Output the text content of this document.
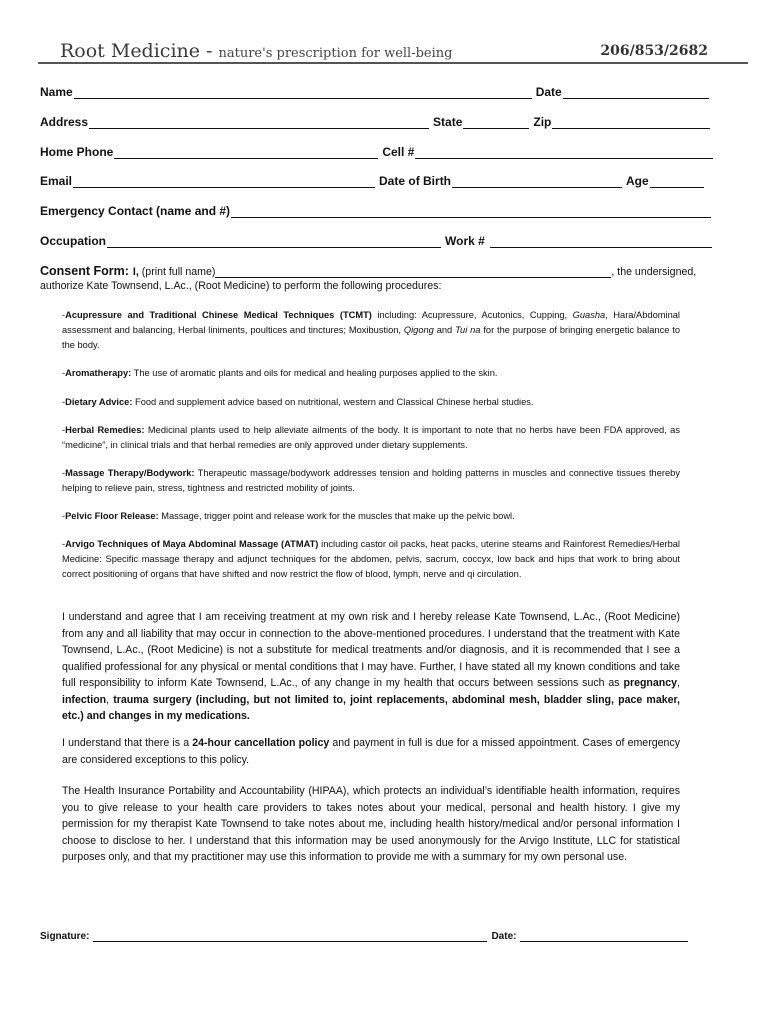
Root Medicine - nature's prescription for well-being	206/853/2682
Name	Date
Address	State	Zip
Home Phone	Cell #
Email	Date of Birth	Age
Emergency Contact (name and #)
Occupation	Work #
Consent Form: I, (print full name)	, the undersigned,
authorize Kate Townsend, L.Ac., (Root Medicine) to perform the following procedures:
-Acupressure and Traditional Chinese Medical Techniques (TCMT) including: Acupressure, Acutonics, Cupping, Guasha, Hara/Abdominal assessment and balancing, Herbal liniments, poultices and tinctures; Moxibustion, Qigong and Tui na for the purpose of bringing energetic balance to the body.
-Aromatherapy: The use of aromatic plants and oils for medical and healing purposes applied to the skin.
-Dietary Advice: Food and supplement advice based on nutritional, western and Classical Chinese herbal studies.
-Herbal Remedies: Medicinal plants used to help alleviate ailments of the body. It is important to note that no herbs have been FDA approved, as “medicine”, in clinical trials and that herbal remedies are only approved under dietary supplements.
-Massage Therapy/Bodywork: Therapeutic massage/bodywork addresses tension and holding patterns in muscles and connective tissues thereby helping to relieve pain, stress, tightness and restricted mobility of joints.
-Pelvic Floor Release: Massage, trigger point and release work for the muscles that make up the pelvic bowl.
-Arvigo Techniques of Maya Abdominal Massage (ATMAT) including castor oil packs, heat packs, uterine steams and Rainforest Remedies/Herbal Medicine: Specific massage therapy and adjunct techniques for the abdomen, pelvis, sacrum, coccyx, low back and hips that work to bring about correct positioning of organs that have shifted and now restrict the flow of blood, lymph, nerve and qi circulation.
I understand and agree that I am receiving treatment at my own risk and I hereby release Kate Townsend, L.Ac., (Root Medicine) from any and all liability that may occur in connection to the above-mentioned procedures. I understand that the treatment with Kate Townsend, L.Ac., (Root Medicine) is not a substitute for medical treatments and/or diagnosis, and it is recommended that I see a qualified professional for any physical or mental conditions that I may have. Further, I have stated all my known conditions and take full responsibility to inform Kate Townsend, L.Ac., of any change in my health that occurs between sessions such as pregnancy, infection, trauma surgery (including, but not limited to, joint replacements, abdominal mesh, bladder sling, pace maker, etc.) and changes in my medications.
I understand that there is a 24-hour cancellation policy and payment in full is due for a missed appointment. Cases of emergency are considered exceptions to this policy.
The Health Insurance Portability and Accountability (HIPAA), which protects an individual’s identifiable health information, requires you to give release to your health care providers to takes notes about your medical, personal and health history. I give my permission for my therapist Kate Townsend to take notes about me, including health history/medical and/or personal information I choose to disclose to her. I understand that this information may be used anonymously for the Arvigo Institute, LLC for statistical purposes only, and that my practitioner may use this information to provide me with a summary for my own personal use.
Signature:	Date:
